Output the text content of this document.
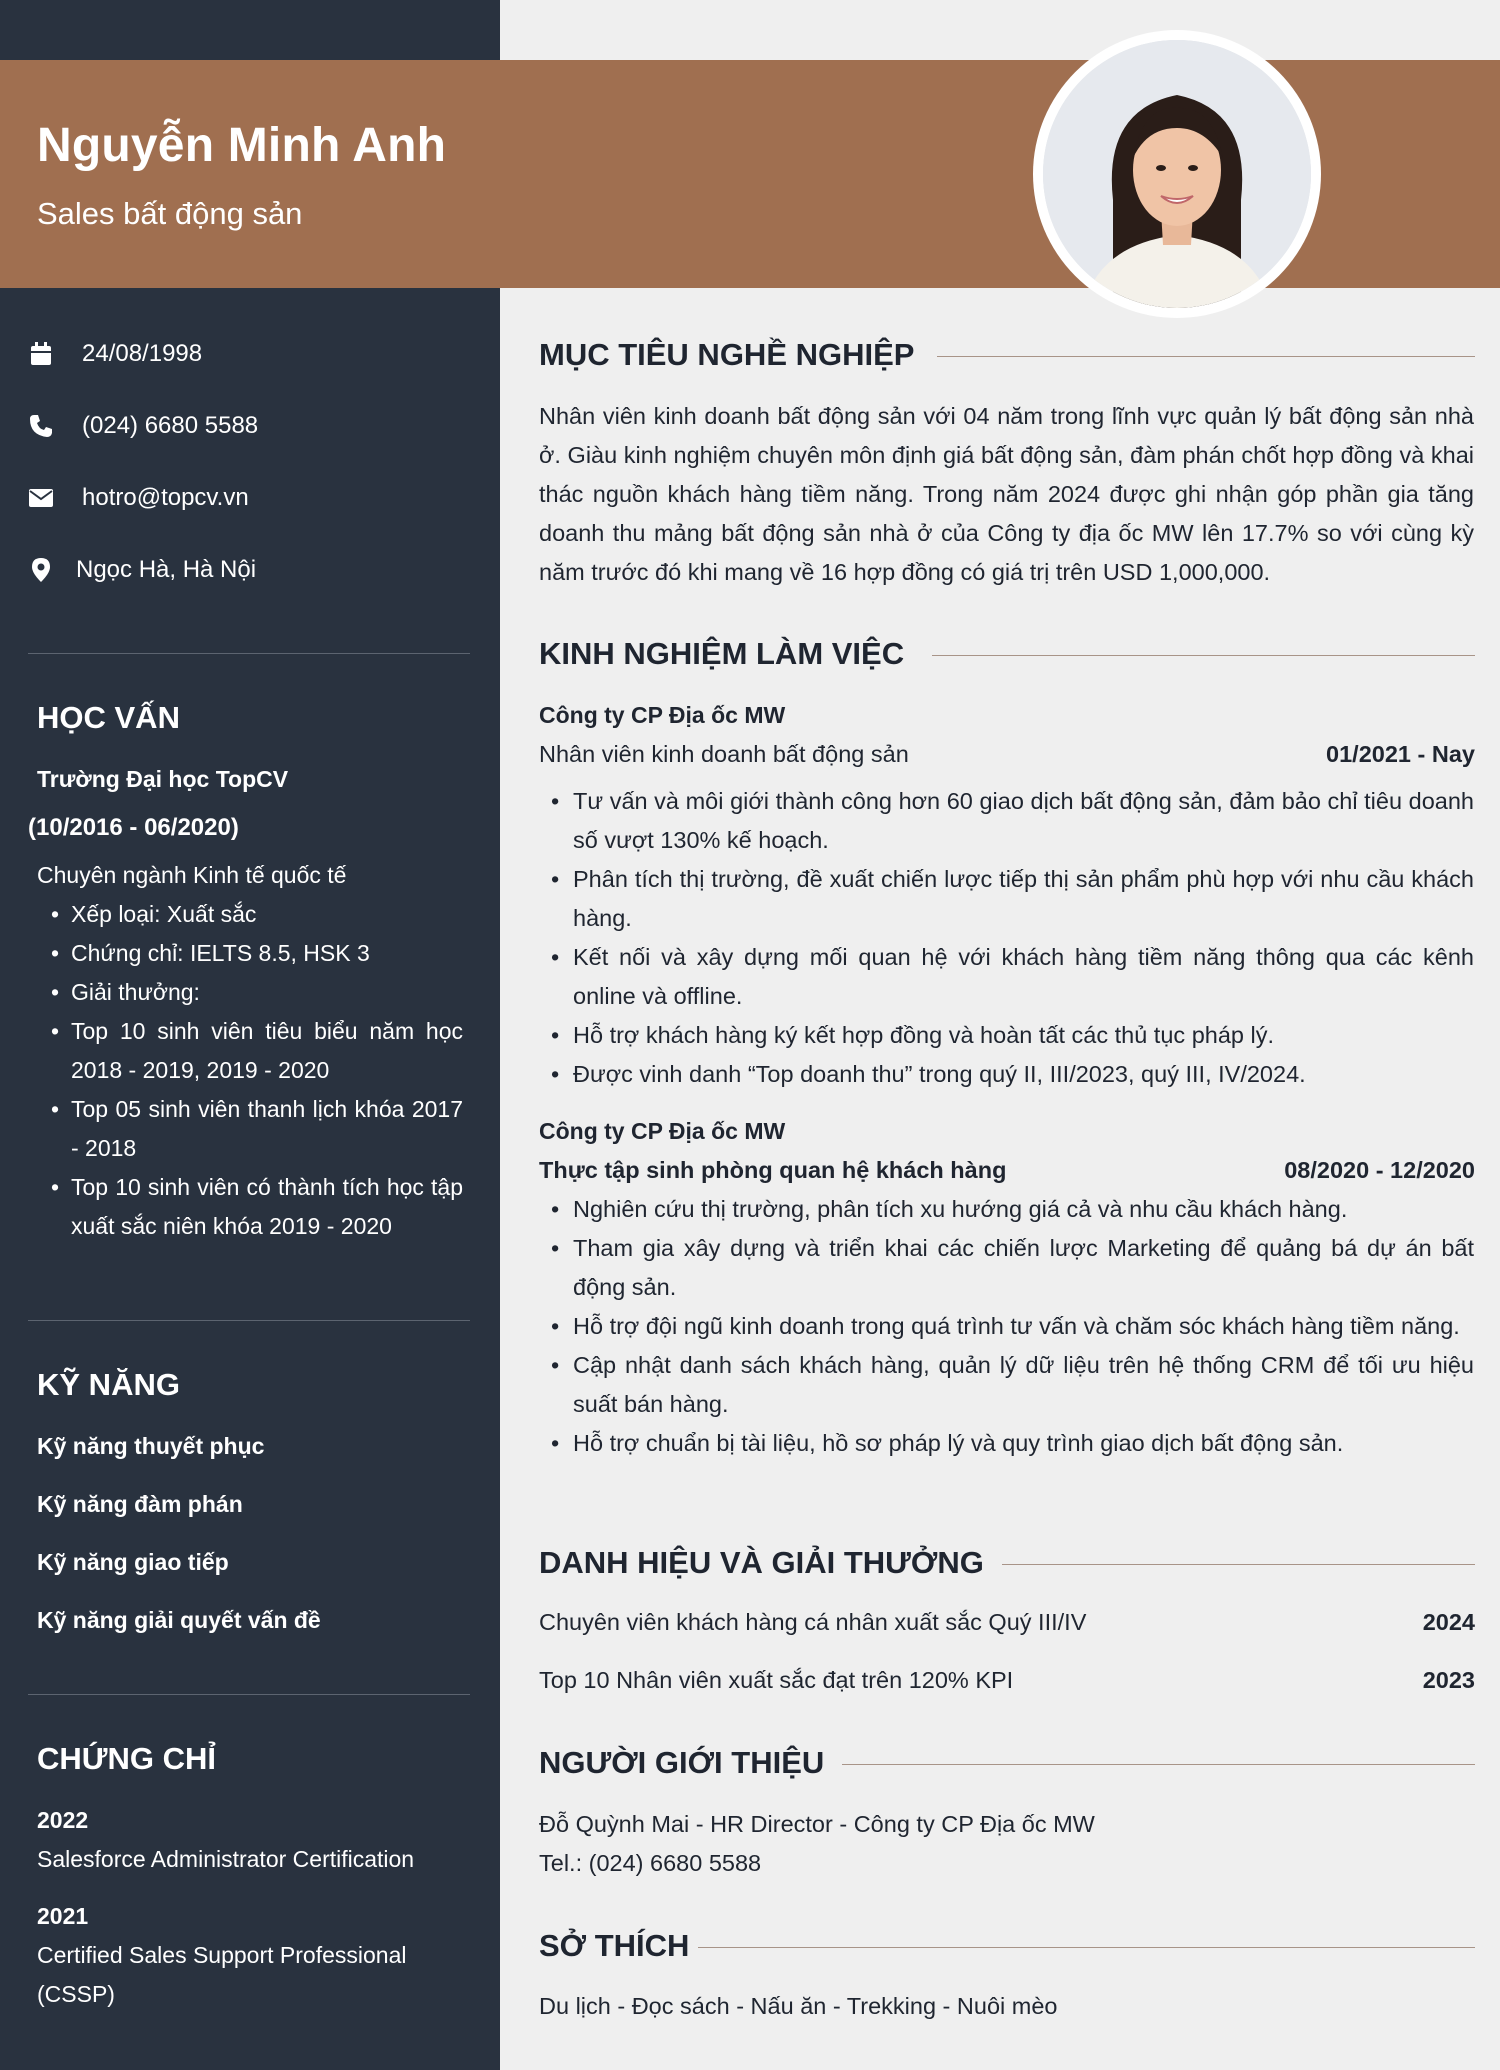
Nguyễn Minh Anh
Sales bất động sản
24/08/1998
(024) 6680 5588
hotro@topcv.vn
Ngọc Hà, Hà Nội
HỌC VẤN
Trường Đại học TopCV
(10/2016 - 06/2020)
Chuyên ngành Kinh tế quốc tế
• Xếp loại: Xuất sắc
• Chứng chỉ: IELTS 8.5, HSK 3
• Giải thưởng:
• Top 10 sinh viên tiêu biểu năm học 2018 - 2019, 2019 - 2020
• Top 05 sinh viên thanh lịch khóa 2017 - 2018
• Top 10 sinh viên có thành tích học tập xuất sắc niên khóa 2019 - 2020
KỸ NĂNG
Kỹ năng thuyết phục
Kỹ năng đàm phán
Kỹ năng giao tiếp
Kỹ năng giải quyết vấn đề
CHỨNG CHỈ
2022
Salesforce Administrator Certification
2021
Certified Sales Support Professional (CSSP)
MỤC TIÊU NGHỀ NGHIỆP
Nhân viên kinh doanh bất động sản với 04 năm trong lĩnh vực quản lý bất động sản nhà ở. Giàu kinh nghiệm chuyên môn định giá bất động sản, đàm phán chốt hợp đồng và khai thác nguồn khách hàng tiềm năng. Trong năm 2024 được ghi nhận góp phần gia tăng doanh thu mảng bất động sản nhà ở của Công ty địa ốc MW lên 17.7% so với cùng kỳ năm trước đó khi mang về 16 hợp đồng có giá trị trên USD 1,000,000.
KINH NGHIỆM LÀM VIỆC
Công ty CP Địa ốc MW
Nhân viên kinh doanh bất động sản	01/2021 - Nay
• Tư vấn và môi giới thành công hơn 60 giao dịch bất động sản, đảm bảo chỉ tiêu doanh số vượt 130% kế hoạch.
• Phân tích thị trường, đề xuất chiến lược tiếp thị sản phẩm phù hợp với nhu cầu khách hàng.
• Kết nối và xây dựng mối quan hệ với khách hàng tiềm năng thông qua các kênh online và offline.
• Hỗ trợ khách hàng ký kết hợp đồng và hoàn tất các thủ tục pháp lý.
• Được vinh danh “Top doanh thu” trong quý II, III/2023, quý III, IV/2024.
Công ty CP Địa ốc MW
Thực tập sinh phòng quan hệ khách hàng	08/2020 - 12/2020
• Nghiên cứu thị trường, phân tích xu hướng giá cả và nhu cầu khách hàng.
• Tham gia xây dựng và triển khai các chiến lược Marketing để quảng bá dự án bất động sản.
• Hỗ trợ đội ngũ kinh doanh trong quá trình tư vấn và chăm sóc khách hàng tiềm năng.
• Cập nhật danh sách khách hàng, quản lý dữ liệu trên hệ thống CRM để tối ưu hiệu suất bán hàng.
• Hỗ trợ chuẩn bị tài liệu, hồ sơ pháp lý và quy trình giao dịch bất động sản.
DANH HIỆU VÀ GIẢI THƯỞNG
Chuyên viên khách hàng cá nhân xuất sắc Quý III/IV	2024
Top 10 Nhân viên xuất sắc đạt trên 120% KPI	2023
NGƯỜI GIỚI THIỆU
Đỗ Quỳnh Mai - HR Director - Công ty CP Địa ốc MW
Tel.: (024) 6680 5588
SỞ THÍCH
Du lịch - Đọc sách - Nấu ăn - Trekking - Nuôi mèo
